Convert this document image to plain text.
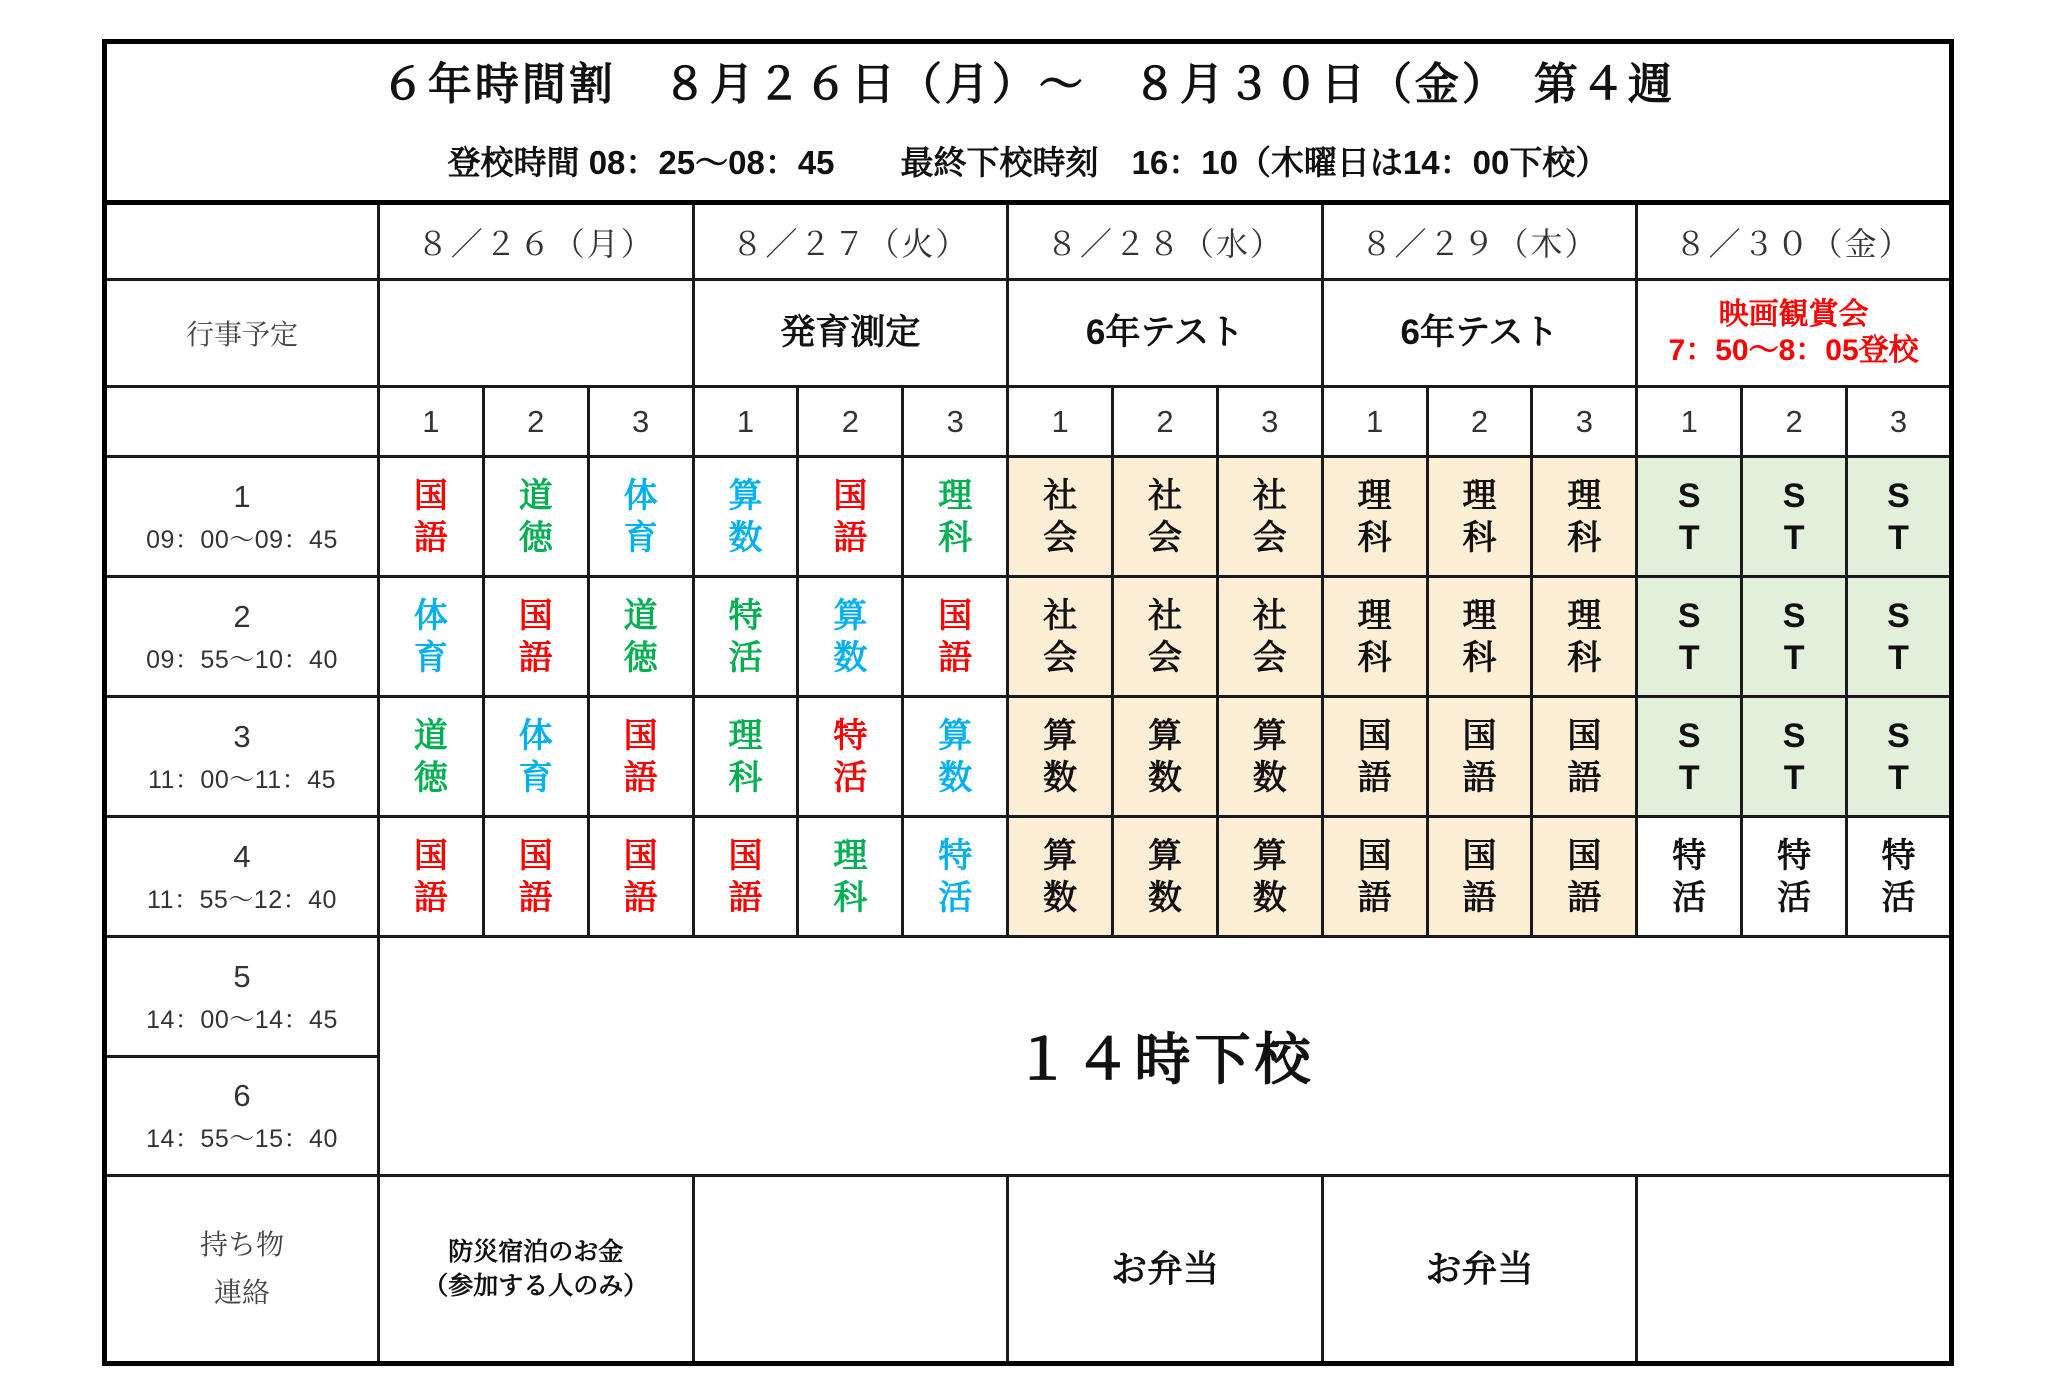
６年時間割　８月２６日（月）～　８月３０日（金）　第４週
登校時間 08：25～08：45　　最終下校時刻　16：10（木曜日は14：00下校）															

	８／２６（月）			８／２７（火）			８／２８（水）			８／２９（木）			８／３０（金）		
行事予定				発育測定			6年テスト			6年テスト			映画観賞会
7：50～8：05登校		

	1	2	3	1	2	3	1	2	3	1	2	3	1	2	3

1
09：00～09：45	国語	道徳	体育	算数	国語	理科	社会	社会	社会	理科	理科	理科	ST	ST	ST

2
09：55～10：40	体育	国語	道徳	特活	算数	国語	社会	社会	社会	理科	理科	理科	ST	ST	ST

3
11：00～11：45	道徳	体育	国語	理科	特活	算数	算数	算数	算数	国語	国語	国語	ST	ST	ST

4
11：55～12：40	国語	国語	国語	国語	理科	特活	算数	算数	算数	国語	国語	国語	特活	特活	特活

5
14：00～14：45	１４時下校														

6
14：55～15：40															

持ち物
連絡	防災宿泊のお金
（参加する人のみ）						お弁当			お弁当					
